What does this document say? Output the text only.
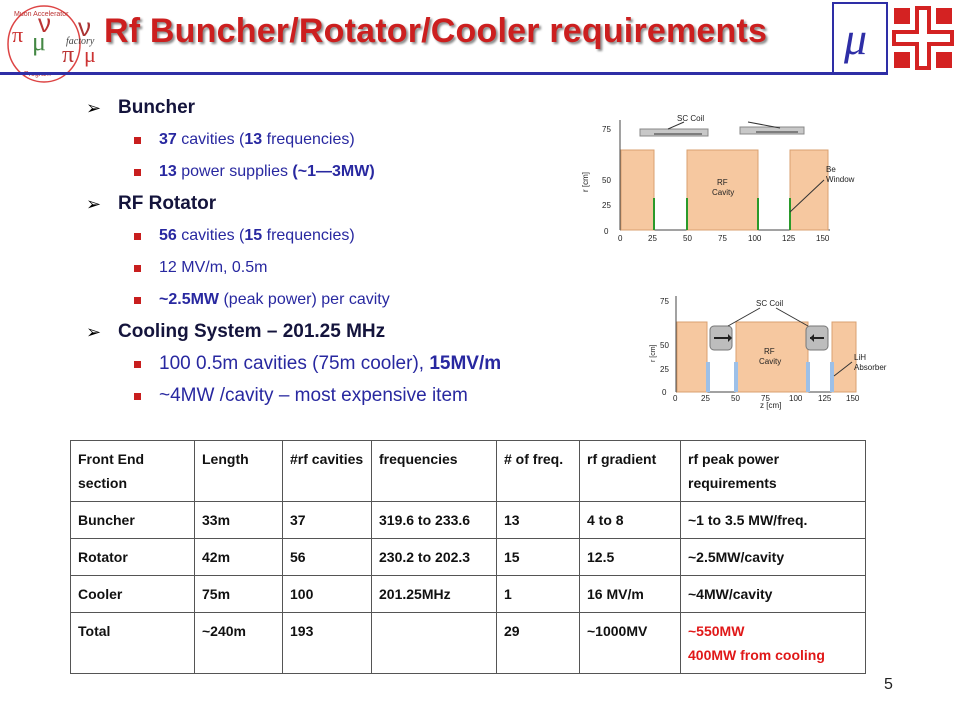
π μ π μ
ν ν
Muon Accelerator
factory Rf Buncher/Rotator/Cooler requirements μ
➢ Buncher
37 cavities (13 frequencies)
13 power supplies (~1—3MW)
➢ RF Rotator
56 cavities (15 frequencies)
12 MV/m, 0.5m
~2.5MW (peak power) per cavity
➢ Cooling System – 201.25 MHz
100 0.5m cavities (75m cooler), 15MV/m
~4MW /cavity – most expensive item
SC Coil
RF
Cavity
Be
Window
0
25
50
75
r [cm]
0	25	50	75	100	125	150
SC Coil
RF
Cavity	LiH
Absorber
0
25
50
75
r [cm]
0	25	50	75 100 125 150
z [cm]
Front End section	Length	#rf cavities	frequencies	# of freq.	rf gradient	rf peak power requirements
Buncher	33m	37	319.6 to 233.6	13	4 to 8	~1 to 3.5 MW/freq.
Rotator	42m	56	230.2 to 202.3	15	12.5	~2.5MW/cavity
Cooler	75m	100	201.25MHz	1	16 MV/m	~4MW/cavity
Total	~240m	193		29	~1000MV	~550MW
400MW from cooling
5
